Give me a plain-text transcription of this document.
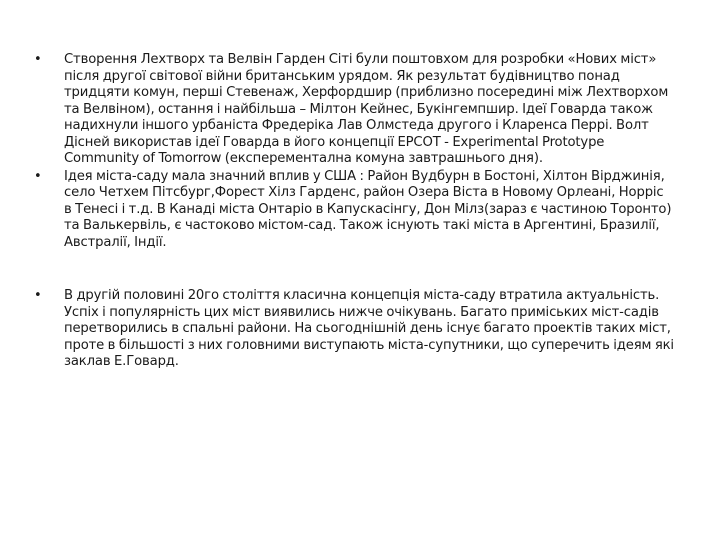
•	Створення Лехтворх та Велвін Гарден Сіті були поштовхом для розробки «Нових міст» після другої світової війни британським урядом. Як результат будівництво понад тридцяти комун, перші Стевенаж, Херфордшир (приблизно посередині між Лехтворхом та Велвіном), остання і найбільша – Мілтон Кейнес, Букінгемпшир. Ідеї Говарда також надихнули іншого урбаніста Фредеріка Лав Олмстеда другого і Кларенса Перрі. Волт Дісней використав ідеї Говарда в його концепції EPCOT - Experimental Prototype Community of Tomorrow (експерементална комуна завтрашнього дня).
•	Ідея міста-саду мала значний вплив у США : Район Вудбурн в Бостоні, Хілтон Вірджинія, село Четхем Пітсбург,Форест Хілз Гарденс, район Озера Віста в Новому Орлеані, Норріс в Тенесі і т.д. В Канаді міста Онтаріо в Капускасінгу, Дон Мілз(зараз є частиною Торонто) та Валькервіль, є частоково містом-сад. Також існують такі міста в Аргентині, Бразилії, Австралії, Індії.
•	В другій половині 20го століття класична концепція міста-саду втратила актуальність. Успіх і популярність цих міст виявились нижче очікувань. Багато приміських міст-садів перетворились в спальні райони. На сьогоднішній день існує багато проектів таких міст, проте в більшості з них головними виступають міста-супутники, що суперечить ідеям які заклав Е.Говард.
